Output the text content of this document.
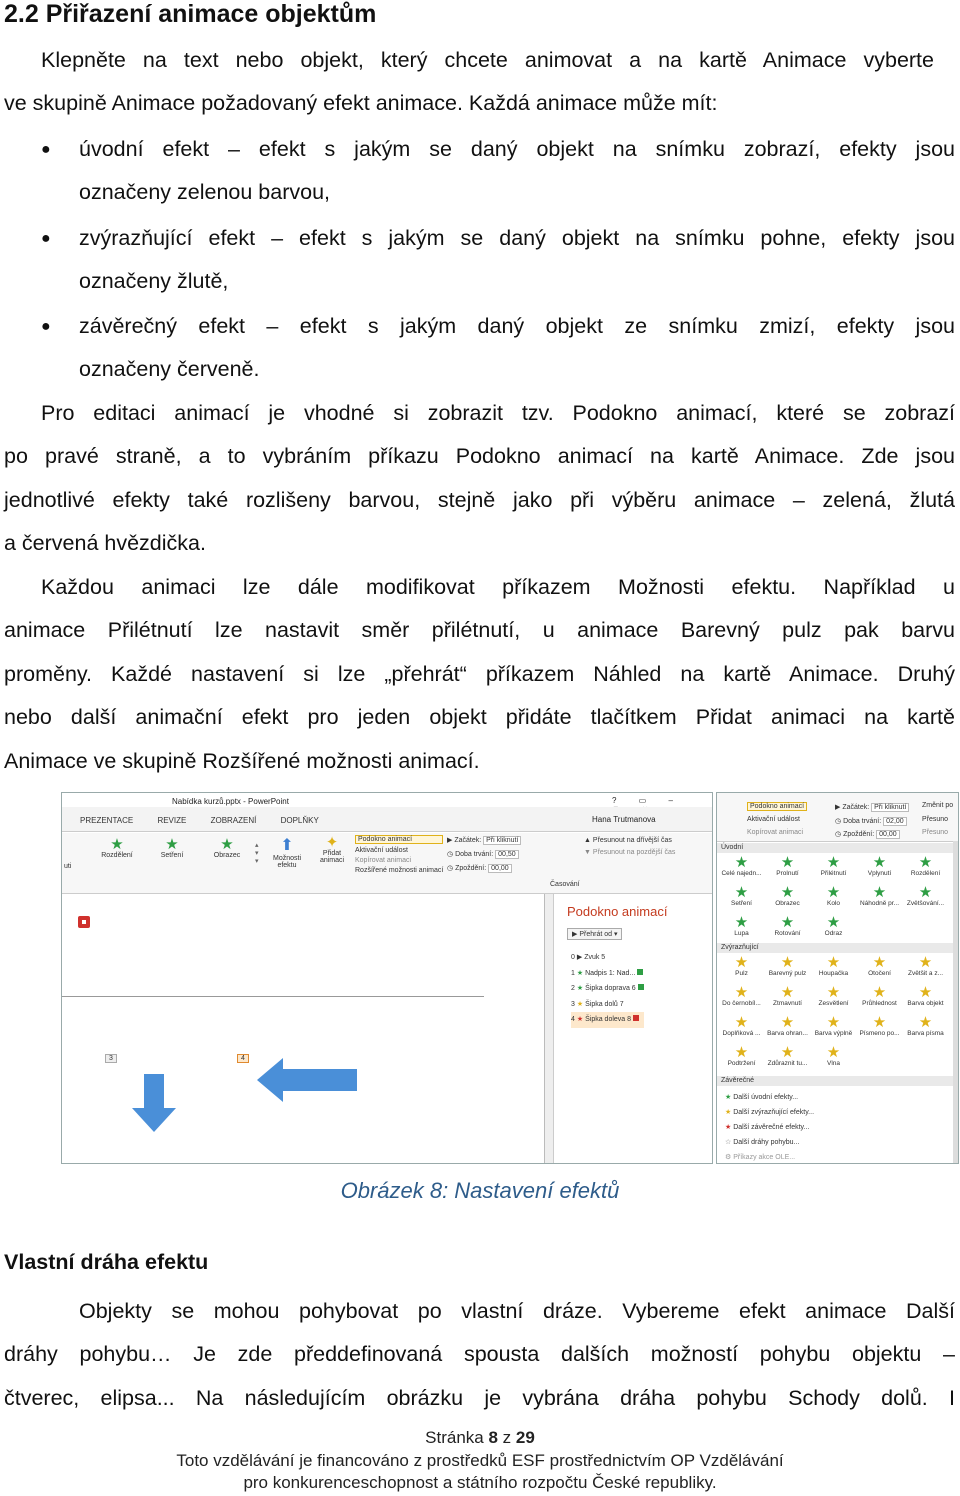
2.2 Přiřazení animace objektům

Klepněte na text nebo objekt, který chcete animovat a na kartě Animace vyberte

ve skupině Animace požadovaný efekt animace. Každá animace může mít:

● úvodní efekt – efekt s jakým se daný objekt na snímku zobrazí, efekty jsou

označeny zelenou barvou,

● zvýrazňující efekt – efekt s jakým se daný objekt na snímku pohne, efekty jsou

označeny žlutě,

● závěrečný efekt – efekt s jakým daný objekt ze snímku zmizí, efekty jsou

označeny červeně.

Pro editaci animací je vhodné si zobrazit tzv. Podokno animací, které se zobrazí

po pravé straně, a to vybráním příkazu Podokno animací na kartě Animace. Zde jsou

jednotlivé efekty také rozlišeny barvou, stejně jako při výběru animace – zelená, žlutá

a červená hvězdička.

Každou animaci lze dále modifikovat příkazem Možnosti efektu. Například u

animace Přilétnutí lze nastavit směr přilétnutí, u animace Barevný pulz pak barvu

proměny. Každé nastavení si lze „přehrát“ příkazem Náhled na kartě Animace. Druhý

nebo další animační efekt pro jeden objekt přidáte tlačítkem Přidat animaci na kartě

Animace ve skupině Rozšířené možnosti animací.

Nabídka kurzů.pptx - PowerPoint	? ▭ –
PREZENTACE	REVIZE	ZOBRAZENÍ	DOPLŇKY	Hana Trutmanova
uti
★
Rozdělení
★
Setření
★
Obrazec
▴
▾
▾
⬆
Možnosti efektu
✦
Přidat animaci
Podokno animací
Aktivační událost
Kopírovat animaci
Rozšířené možnosti animací
▶ Začátek: Při kliknutí
◷ Doba trvání: 00,50
◷ Zpoždění: 00,00
▲ Přesunout na dřívější čas
▼ Přesunout na pozdější čas
Časování
3	4
Podokno animací
▶ Přehrát od ▾
0 ▶ Zvuk 5
1 ★ Nadpis 1: Nad...
2 ★ Šipka doprava 6
3 ★ Šipka dolů 7
4 ★ Šipka doleva 8
Podokno animací
Aktivační událost
Kopírovat animaci
▶ Začátek: Při kliknutí
◷ Doba trvání: 02,00
◷ Zpoždění: 00,00
Změnit po
Přesuno
Přesuno
Úvodní
★
Celé najedn...
★
Prolnutí
★
Přilétnutí
★
Vplynutí
★
Rozdělení
★
Setření
★
Obrazec
★
Kolo
★
Náhodně pr...
★
Zvětšování...
★
Lupa
★
Rotování
★
Odraz
Zvýrazňující
★
Pulz
★
Barevný pulz
★
Houpačka
★
Otočení
★
Zvětšit a z...
★
Do černobíl...
★
Ztmavnutí
★
Zesvětlení
★
Průhlednost
★
Barva objekt
★
Doplňková ...
★
Barva ohran...
★
Barva výplně
★
Písmeno po...
★
Barva písma
★
Podtržení
★
Zdůraznit tu...
★
Vlna
Závěrečné
★ Další úvodní efekty...
★ Další zvýrazňující efekty...
★ Další závěrečné efekty...
☆ Další dráhy pohybu...
⚙ Příkazy akce OLE...
Obrázek 8: Nastavení efektů
Vlastní dráha efektu

Objekty se mohou pohybovat po vlastní dráze. Vybereme efekt animace Další

dráhy pohybu… Je zde předdefinovaná spousta dalších možností pohybu objektu –

čtverec, elipsa... Na následujícím obrázku je vybrána dráha pohybu Schody dolů. I

Stránka 8 z 29
Toto vzdělávání je financováno z prostředků ESF prostřednictvím OP Vzdělávání
pro konkurenceschopnost a státního rozpočtu České republiky.
